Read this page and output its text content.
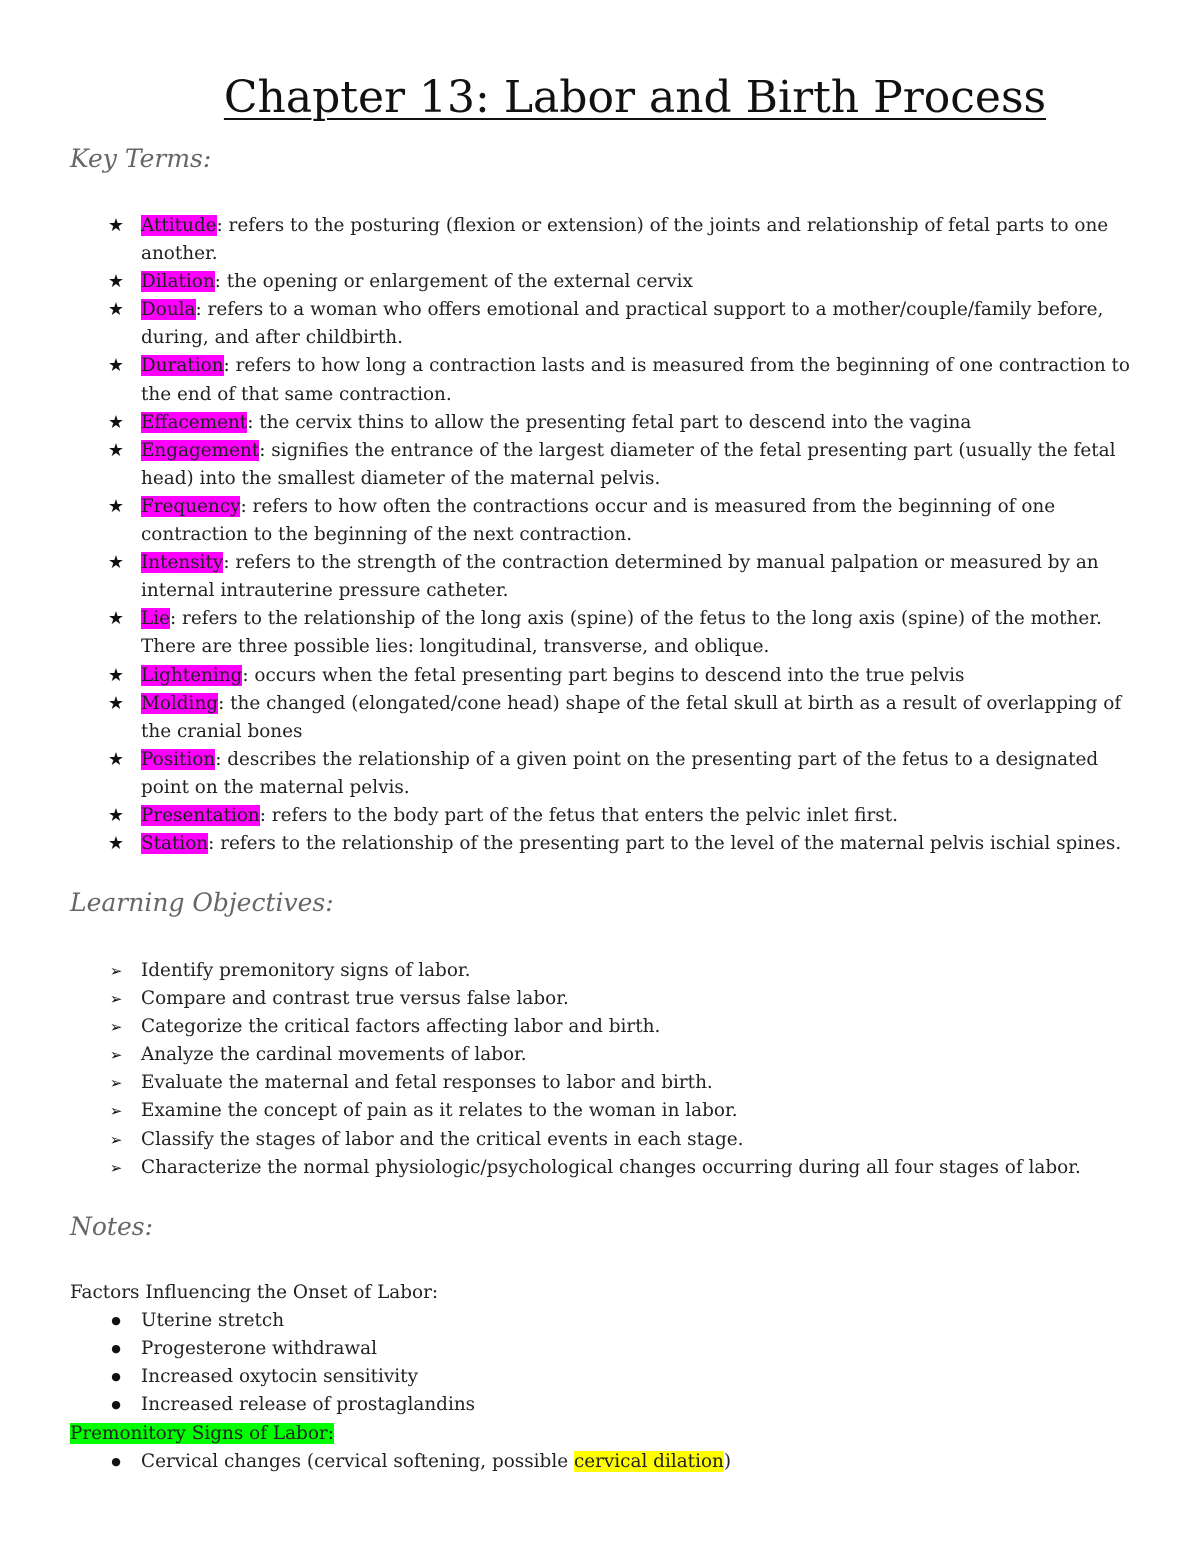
Chapter 13: Labor and Birth Process
Key Terms:
★ Attitude: refers to the posturing (flexion or extension) of the joints and relationship of fetal parts to one another.
★ Dilation: the opening or enlargement of the external cervix
★ Doula: refers to a woman who offers emotional and practical support to a mother/couple/family before, during, and after childbirth.
★ Duration: refers to how long a contraction lasts and is measured from the beginning of one contraction to the end of that same contraction.
★ Effacement: the cervix thins to allow the presenting fetal part to descend into the vagina
★ Engagement: signifies the entrance of the largest diameter of the fetal presenting part (usually the fetal head) into the smallest diameter of the maternal pelvis.
★ Frequency: refers to how often the contractions occur and is measured from the beginning of one contraction to the beginning of the next contraction.
★ Intensity: refers to the strength of the contraction determined by manual palpation or measured by an internal intrauterine pressure catheter.
★ Lie: refers to the relationship of the long axis (spine) of the fetus to the long axis (spine) of the mother. There are three possible lies: longitudinal, transverse, and oblique.
★ Lightening: occurs when the fetal presenting part begins to descend into the true pelvis
★ Molding: the changed (elongated/cone head) shape of the fetal skull at birth as a result of overlapping of the cranial bones
★ Position: describes the relationship of a given point on the presenting part of the fetus to a designated point on the maternal pelvis.
★ Presentation: refers to the body part of the fetus that enters the pelvic inlet first.
★ Station: refers to the relationship of the presenting part to the level of the maternal pelvis ischial spines.
Learning Objectives:
➢ Identify premonitory signs of labor.
➢ Compare and contrast true versus false labor.
➢ Categorize the critical factors affecting labor and birth.
➢ Analyze the cardinal movements of labor.
➢ Evaluate the maternal and fetal responses to labor and birth.
➢ Examine the concept of pain as it relates to the woman in labor.
➢ Classify the stages of labor and the critical events in each stage.
➢ Characterize the normal physiologic/psychological changes occurring during all four stages of labor.
Notes:
Factors Influencing the Onset of Labor:
● Uterine stretch
● Progesterone withdrawal
● Increased oxytocin sensitivity
● Increased release of prostaglandins
Premonitory Signs of Labor:
● Cervical changes (cervical softening, possible cervical dilation)
